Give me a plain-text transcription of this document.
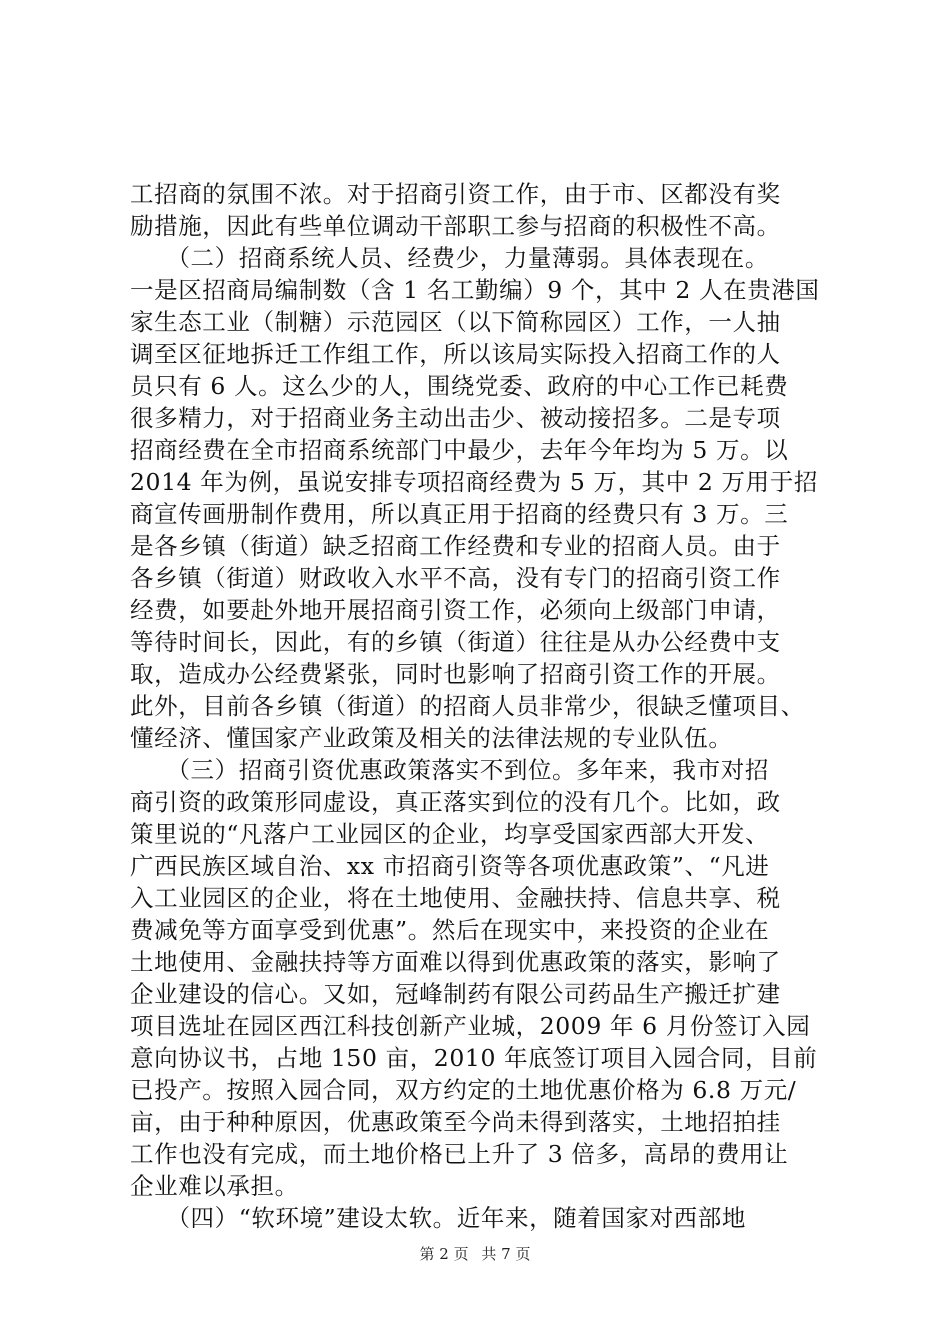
工招商的氛围不浓。对于招商引资工作，由于市、区都没有奖
励措施，因此有些单位调动干部职工参与招商的积极性不高。
　　（二）招商系统人员、经费少，力量薄弱。具体表现在。
一是区招商局编制数（含 1 名工勤编）9 个，其中 2 人在贵港国
家生态工业（制糖）示范园区（以下简称园区）工作，一人抽
调至区征地拆迁工作组工作，所以该局实际投入招商工作的人
员只有 6 人。这么少的人，围绕党委、政府的中心工作已耗费
很多精力，对于招商业务主动出击少、被动接招多。二是专项
招商经费在全市招商系统部门中最少，去年今年均为 5 万。以
2014 年为例，虽说安排专项招商经费为 5 万，其中 2 万用于招
商宣传画册制作费用，所以真正用于招商的经费只有 3 万。三
是各乡镇（街道）缺乏招商工作经费和专业的招商人员。由于
各乡镇（街道）财政收入水平不高，没有专门的招商引资工作
经费，如要赴外地开展招商引资工作，必须向上级部门申请，
等待时间长，因此，有的乡镇（街道）往往是从办公经费中支
取，造成办公经费紧张，同时也影响了招商引资工作的开展。
此外，目前各乡镇（街道）的招商人员非常少，很缺乏懂项目、
懂经济、懂国家产业政策及相关的法律法规的专业队伍。
　　（三）招商引资优惠政策落实不到位。多年来，我市对招
商引资的政策形同虚设，真正落实到位的没有几个。比如，政
策里说的“凡落户工业园区的企业，均享受国家西部大开发、
广西民族区域自治、xx 市招商引资等各项优惠政策”、“凡进
入工业园区的企业，将在土地使用、金融扶持、信息共享、税
费减免等方面享受到优惠”。然后在现实中，来投资的企业在
土地使用、金融扶持等方面难以得到优惠政策的落实，影响了
企业建设的信心。又如，冠峰制药有限公司药品生产搬迁扩建
项目选址在园区西江科技创新产业城，2009 年 6 月份签订入园
意向协议书，占地 150 亩，2010 年底签订项目入园合同，目前
已投产。按照入园合同，双方约定的土地优惠价格为 6.8 万元/
亩，由于种种原因，优惠政策至今尚未得到落实，土地招拍挂
工作也没有完成，而土地价格已上升了 3 倍多，高昂的费用让
企业难以承担。
　　（四）“软环境”建设太软。近年来，随着国家对西部地
第 2 页 共 7 页
